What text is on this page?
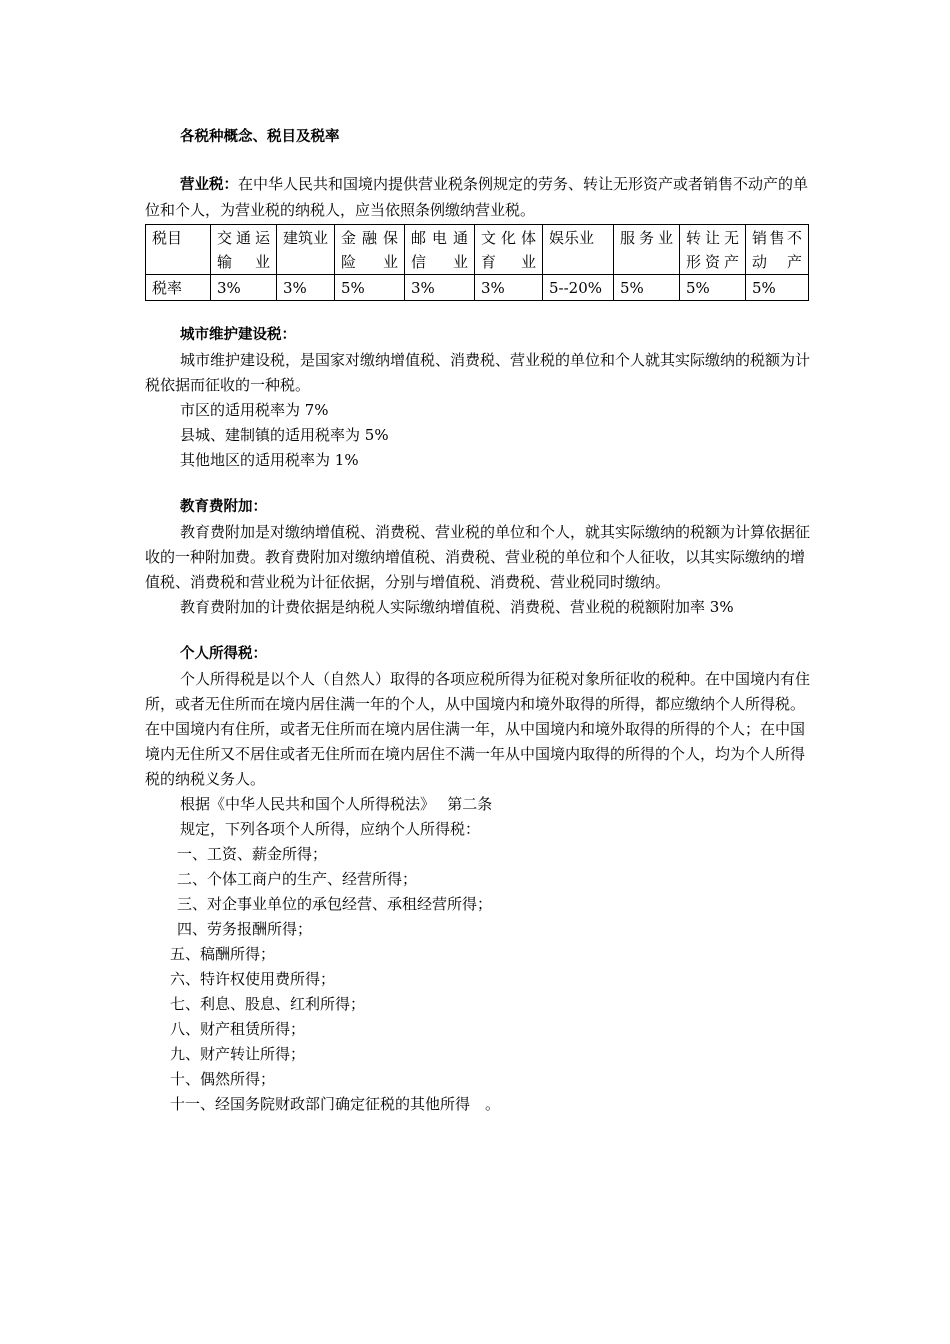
各税种概念、税目及税率
营业税：在中华人民共和国境内提供营业税条例规定的劳务、转让无形资产或者销售不动产的单位和个人，为营业税的纳税人，应当依照条例缴纳营业税。
税目	交通运输业	建筑业	金融保险业	邮电通信业	文化体育业	娱乐业	服务业	转让无形资产	销售不动产
税率	3%	3%	5%	3%	3%	5--20%	5%	5%	5%
城市维护建设税：
城市维护建设税，是国家对缴纳增值税、消费税、营业税的单位和个人就其实际缴纳的税额为计税依据而征收的一种税。
市区的适用税率为 7%
县城、建制镇的适用税率为 5%
其他地区的适用税率为 1%
教育费附加：
教育费附加是对缴纳增值税、消费税、营业税的单位和个人，就其实际缴纳的税额为计算依据征收的一种附加费。教育费附加对缴纳增值税、消费税、营业税的单位和个人征收，以其实际缴纳的增值税、消费税和营业税为计征依据，分别与增值税、消费税、营业税同时缴纳。
教育费附加的计费依据是纳税人实际缴纳增值税、消费税、营业税的税额附加率 3%
个人所得税：
个人所得税是以个人（自然人）取得的各项应税所得为征税对象所征收的税种。在中国境内有住所，或者无住所而在境内居住满一年的个人，从中国境内和境外取得的所得，都应缴纳个人所得税。在中国境内有住所，或者无住所而在境内居住满一年，从中国境内和境外取得的所得的个人；在中国境内无住所又不居住或者无住所而在境内居住不满一年从中国境内取得的所得的个人，均为个人所得税的纳税义务人。
根据《中华人民共和国个人所得税法》　 第二条
规定，下列各项个人所得，应纳个人所得税：
一、工资、薪金所得；
二、个体工商户的生产、经营所得；
三、对企事业单位的承包经营、承租经营所得；
四、劳务报酬所得；
五、稿酬所得；
六、特许权使用费所得；
七、利息、股息、红利所得；
八、财产租赁所得；
九、财产转让所得；
十、偶然所得；
十一、经国务院财政部门确定征税的其他所得　。
